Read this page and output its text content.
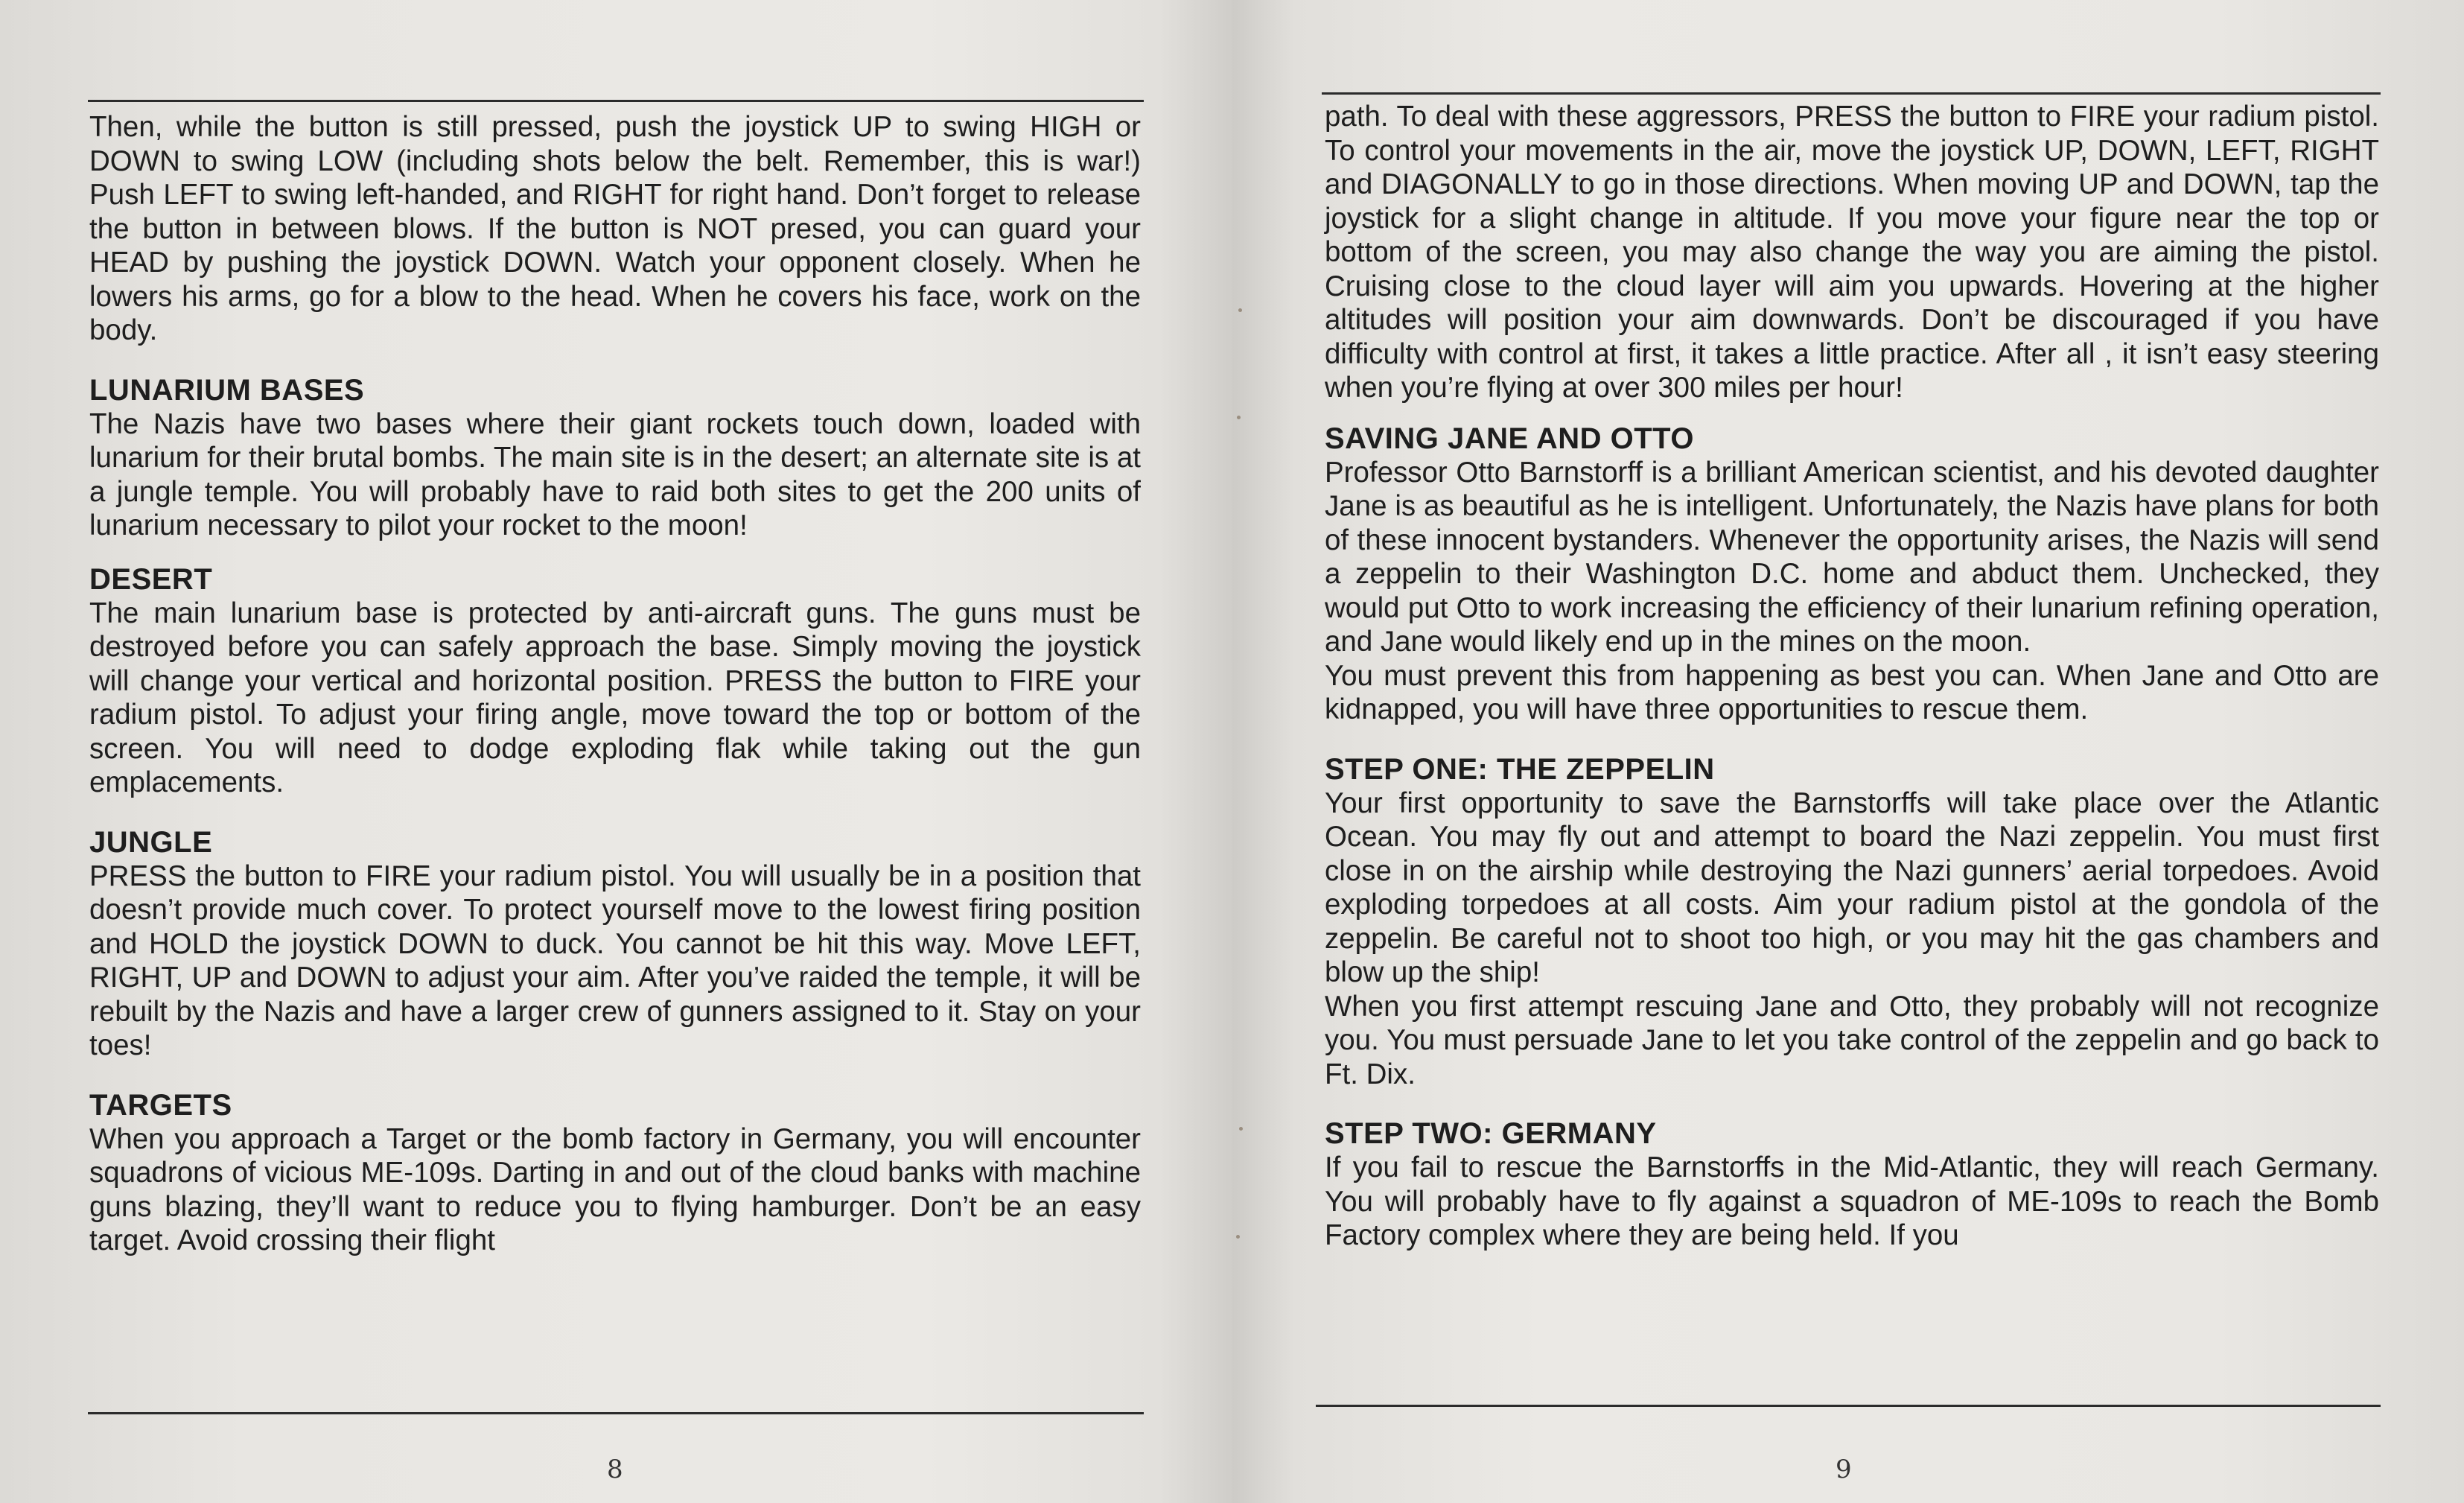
Then, while the button is still pressed, push the joystick UP to swing HIGH or DOWN to swing LOW (including shots below the belt. Remember, this is war!) Push LEFT to swing left-handed, and RIGHT for right hand. Don’t forget to release the button in between blows. If the button is NOT presed, you can guard your HEAD by pushing the joystick DOWN. Watch your opponent closely. When he lowers his arms, go for a blow to the head. When he covers his face, work on the body.

LUNARIUM BASES

The Nazis have two bases where their giant rockets touch down, loaded with lunarium for their brutal bombs. The main site is in the desert; an alternate site is at a jungle temple. You will probably have to raid both sites to get the 200 units of lunarium necessary to pilot your rocket to the moon!

DESERT

The main lunarium base is protected by anti-aircraft guns. The guns must be destroyed before you can safely approach the base. Simply moving the joystick will change your vertical and horizontal position. PRESS the button to FIRE your radium pistol. To adjust your firing angle, move toward the top or bottom of the screen. You will need to dodge exploding flak while taking out the gun emplacements.

JUNGLE

PRESS the button to FIRE your radium pistol. You will usually be in a position that doesn’t provide much cover. To protect yourself move to the lowest firing position and HOLD the joystick DOWN to duck. You cannot be hit this way. Move LEFT, RIGHT, UP and DOWN to adjust your aim. After you’ve raided the temple, it will be rebuilt by the Nazis and have a larger crew of gunners assigned to it. Stay on your toes!

TARGETS

When you approach a Target or the bomb factory in Germany, you will encounter squadrons of vicious ME-109s. Darting in and out of the cloud banks with machine guns blazing, they’ll want to reduce you to flying hamburger. Don’t be an easy target. Avoid crossing their flight

8

path. To deal with these aggressors, PRESS the button to FIRE your radium pistol. To control your movements in the air, move the joystick UP, DOWN, LEFT, RIGHT and DIAGONALLY to go in those directions. When moving UP and DOWN, tap the joystick for a slight change in altitude. If you move your figure near the top or bottom of the screen, you may also change the way you are aiming the pistol. Cruising close to the cloud layer will aim you upwards. Hovering at the higher altitudes will position your aim downwards. Don’t be discouraged if you have difficulty with control at first, it takes a little practice. After all , it isn’t easy steering when you’re flying at over 300 miles per hour!

SAVING JANE AND OTTO

Professor Otto Barnstorff is a brilliant American scientist, and his devoted daughter Jane is as beautiful as he is intelligent. Unfortunately, the Nazis have plans for both of these innocent bystanders. Whenever the opportunity arises, the Nazis will send a zeppelin to their Washington D.C. home and abduct them. Unchecked, they would put Otto to work increasing the efficiency of their lunarium refining operation, and Jane would likely end up in the mines on the moon.

You must prevent this from happening as best you can. When Jane and Otto are kidnapped, you will have three opportunities to rescue them.

STEP ONE: THE ZEPPELIN

Your first opportunity to save the Barnstorffs will take place over the Atlantic Ocean. You may fly out and attempt to board the Nazi zeppelin. You must first close in on the airship while destroying the Nazi gunners’ aerial torpedoes. Avoid exploding torpedoes at all costs. Aim your radium pistol at the gondola of the zeppelin. Be careful not to shoot too high, or you may hit the gas chambers and blow up the ship!

When you first attempt rescuing Jane and Otto, they probably will not recognize you. You must persuade Jane to let you take control of the zeppelin and go back to Ft. Dix.

STEP TWO: GERMANY

If you fail to rescue the Barnstorffs in the Mid-Atlantic, they will reach Germany. You will probably have to fly against a squadron of ME-109s to reach the Bomb Factory complex where they are being held. If you

9
